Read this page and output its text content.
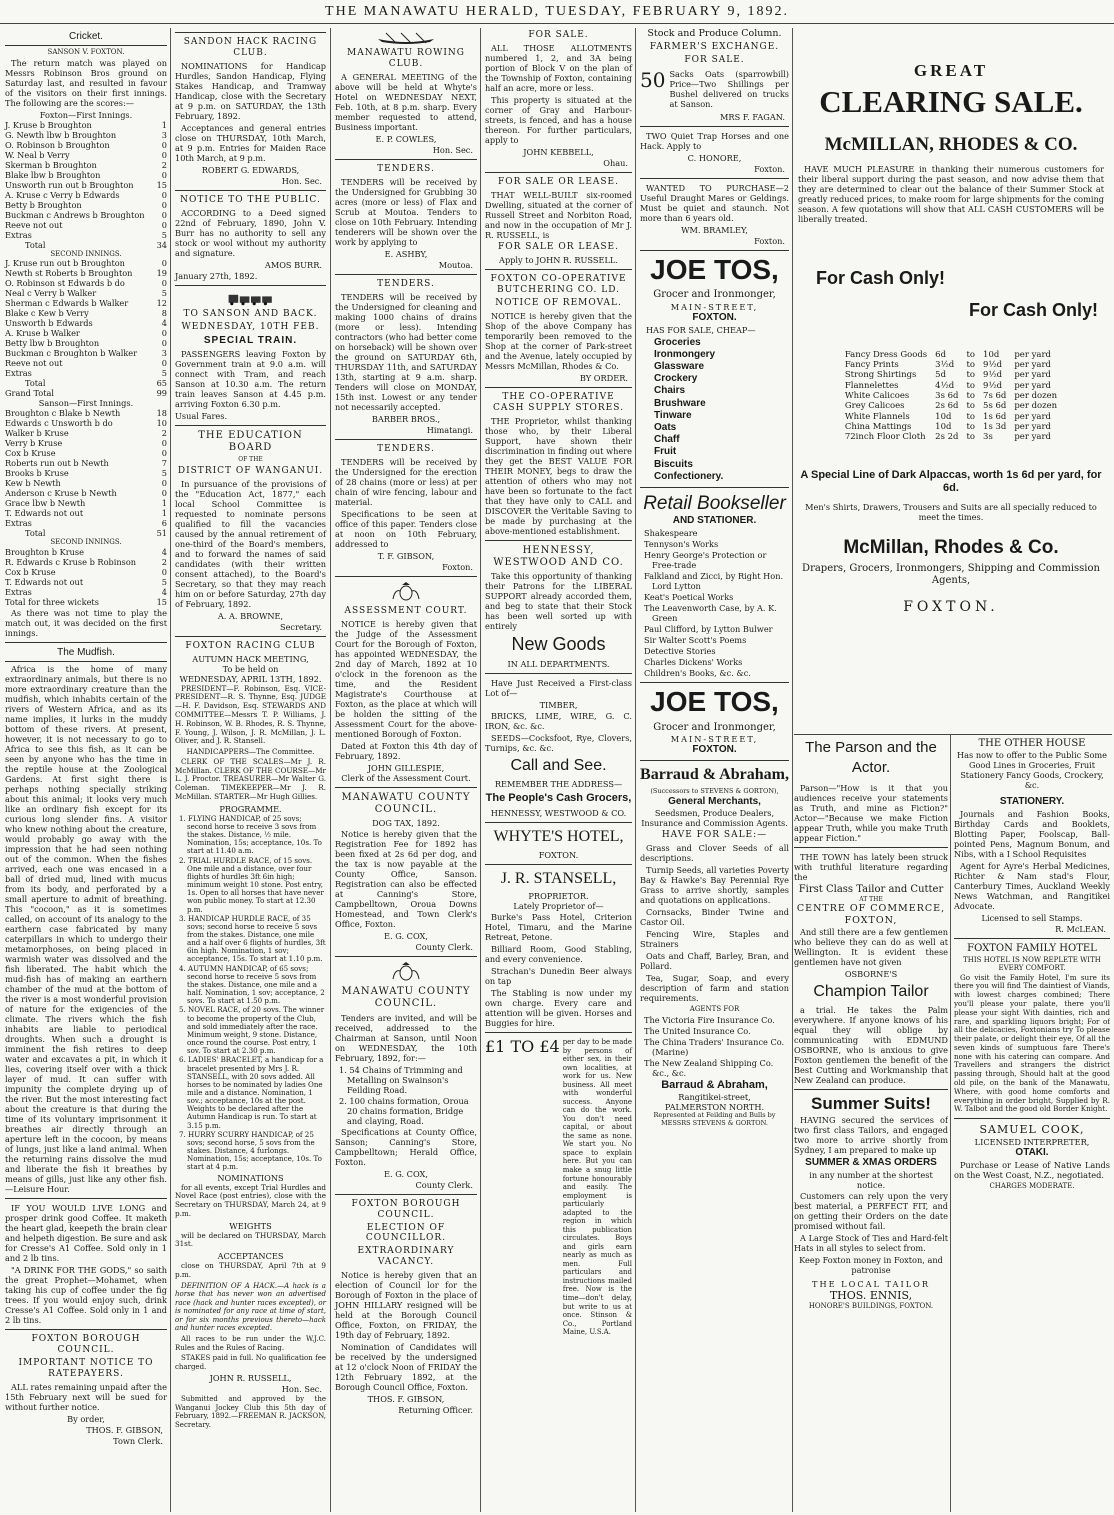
THE MANAWATU HERALD, TUESDAY, FEBRUARY 9, 1892.
Cricket.
SANSON V. FOXTON.
The return match was played on Messrs Robinson Bros ground on Saturday last, and resulted in favour of the visitors on their first innings. The following are the scores:—
Foxton—First Innings.
J. Kruse b Broughton	1
G. Newth lbw b Broughton	3
O. Robinson b Broughton	0
W. Neal b Verry	0
Skerman b Broughton	2
Blake lbw b Broughton	0
Unsworth run out b Broughton	15
A. Kruse c Verry b Edwards	0
Betty b Broughton	0
Buckman c Andrews b Broughton 0
Reeve not out	0
Extras	5
Total	34
SECOND INNINGS.
J. Kruse run out b Broughton	0
Newth st Roberts b Broughton	19
O. Robinson st Edwards b do	0
Neal c Verry b Walker	5
Sherman c Edwards b Walker	12
Blake c Kew b Verry	8
Unsworth b Edwards	4
A. Kruse b Walker	0
Betty lbw b Broughton	0
Buckman c Broughton b Walker	3
Reeve not out	0
Extras	5
Total	65
Grand Total	99
Sanson—First Innings.
Broughton c Blake b Newth	18
Edwards c Unsworth b do	10
Walker b Kruse	2
Verry b Kruse	0
Cox b Kruse	0
Roberts run out b Newth	7
Brooks b Kruse	5
Kew b Newth	0
Anderson c Kruse b Newth	0
Grace lbw b Newth	1
T. Edwards not out	1
Extras	6
Total	51
SECOND INNINGS.
Broughton b Kruse	4
R. Edwards c Kruse b Robinson	2
Cox b Kruse	0
T. Edwards not out	5
Extras	4
Total for three wickets	15
As there was not time to play the match out, it was decided on the first innings.
The Mudfish.
Africa is the home of many extraordinary animals, but there is no more extraordinary creature than the mudfish, which inhabits certain of the rivers of Western Africa, and as its name implies, it lurks in the muddy bottom of these rivers. At present, however, it is not necessary to go to Africa to see this fish, as it can be seen by anyone who has the time in the reptile house at the Zoological Gardens. At first sight there is perhaps nothing specially striking about this animal; it looks very much like an ordinary fish except for its curious long slender fins. A visitor who knew nothing about the creature, would probably go away with the impression that he had seen nothing out of the common. When the fishes arrived, each one was encased in a ball of dried mud, lined with mucus from its body, and perforated by a small aperture to admit of breathing. This "cocoon," as it is sometimes called, on account of its analogy to the earthern case fabricated by many caterpillars in which to undergo their metamorphoses, on being placed in warmish water was dissolved and the fish liberated. The habit which the mud-fish has of making an earthern chamber of the mud at the bottom of the river is a most wonderful provision of nature for the exigencies of the climate. The rivers which the fish inhabits are liable to periodical droughts. When such a drought is imminent the fish retires to deep water and excavates a pit, in which it lies, covering itself over with a thick layer of mud. It can suffer with impunity the complete drying up of the river. But the most interesting fact about the creature is that during the time of its voluntary imprisonment it breathes air directly through an aperture left in the cocoon, by means of lungs, just like a land animal. When the returning rains dissolve the mud and liberate the fish it breathes by means of gills, just like any other fish.—Leisure Hour.
IF YOU WOULD LIVE LONG and prosper drink good Coffee. It maketh the heart glad, keepeth the brain clear and helpeth digestion. Be sure and ask for Cresse's A1 Coffee. Sold only in 1 and 2 lb tins.
"A DRINK FOR THE GODS," so saith the great Prophet—Mohamet, when taking his cup of coffee under the fig trees. If you would enjoy such, drink Cresse's A1 Coffee. Sold only in 1 and 2 lb tins.
FOXTON BOROUGH COUNCIL.
IMPORTANT NOTICE TO RATEPAYERS.
ALL rates remaining unpaid after the 15th February next will be sued for without further notice.
By order,
THOS. F. GIBSON,
Town Clerk.
SANDON HACK RACING CLUB.
NOMINATIONS for Handicap Hurdles, Sandon Handicap, Flying Stakes Handicap, and Tramway Handicap, close with the Secretary at 9 p.m. on SATURDAY, the 13th February, 1892.
Acceptances and general entries close on THURSDAY, 10th March, at 9 p.m. Entries for Maiden Race 10th March, at 9 p.m.
ROBERT G. EDWARDS,
Hon. Sec.
NOTICE TO THE PUBLIC.
ACCORDING to a Deed signed 22nd of February, 1890, John V. Burr has no authority to sell any stock or wool without my authority and signature.
AMOS BURR.
January 27th, 1892.
TO SANSON AND BACK.
WEDNESDAY, 10TH FEB.
SPECIAL TRAIN.
PASSENGERS leaving Foxton by Government train at 9.0 a.m. will connect with Tram, and reach Sanson at 10.30 a.m. The return train leaves Sanson at 4.45 p.m. arriving Foxton 6.30 p.m.
Usual Fares.
THE EDUCATION BOARD
OF THE
DISTRICT OF WANGANUI.
In pursuance of the provisions of the "Education Act, 1877," each local School Committee is requested to nominate persons qualified to fill the vacancies caused by the annual retirement of one-third of the Board's members, and to forward the names of said candidates (with their written consent attached), to the Board's Secretary, so that they may reach him on or before Saturday, 27th day of February, 1892.
A. A. BROWNE,
Secretary.
FOXTON RACING CLUB
AUTUMN HACK MEETING,
To be held on
WEDNESDAY, APRIL 13TH, 1892.
PRESIDENT—F. Robinson, Esq. VICE-PRESIDENT—R. S. Thynne, Esq. JUDGE—H. F. Davidson, Esq. STEWARDS AND COMMITTEE—Messrs T. P. Williams, J. H. Robinson, W. B. Rhodes, R. S. Thynne, F. Young, J. Wilson, J. R. McMillan, J. L. Oliver, and J. R. Stansell.
HANDICAPPERS—The Committee.
CLERK OF THE SCALES—Mr J. R. McMillan. CLERK OF THE COURSE—Mr L. J. Proctor. TREASURER—Mr Walter G. Coleman. TIMEKEEPER—Mr J. R. McMillan. STARTER—Mr Hugh Gillies.
PROGRAMME.
1. FLYING HANDICAP, of 25 sovs; second horse to receive 3 sovs from the stakes. Distance, ½ mile. Nomination, 15s; acceptance, 10s. To start at 11.40 a.m.
2. TRIAL HURDLE RACE, of 15 sovs. One mile and a distance, over four flights of hurdles 3ft 6in high; minimum weight 10 stone. Post entry, 1s. Open to all horses that have never won public money. To start at 12.30 p.m.
3. HANDICAP HURDLE RACE, of 35 sovs; second horse to receive 5 sovs from the stakes. Distance, one mile and a half over 6 flights of hurdles, 3ft 6in high. Nomination, 1 sov; acceptance, 15s. To start at 1.10 p.m.
4. AUTUMN HANDICAP, of 65 sovs; second horse to receive 5 sovs from the stakes. Distance, one mile and a half. Nomination, 1 sov; acceptance, 2 sovs. To start at 1.50 p.m.
5. NOVEL RACE, of 20 sovs. The winner to become the property of the Club, and sold immediately after the race. Minimum weight, 9 stone. Distance, once round the course. Post entry, 1 sov. To start at 2.30 p.m.
6. LADIES' BRACELET, a handicap for a bracelet presented by Mrs J. R. STANSELL, with 20 sovs added. All horses to be nominated by ladies One mile and a distance. Nomination, 1 sov.; acceptance, 10s at the post. Weights to be declared after the Autumn Handicap is run. To start at 3.15 p.m.
7. HURRY SCURRY HANDICAP, of 25 sovs; second horse, 5 sovs from the stakes. Distance, 4 furlongs. Nomination, 15s; acceptance, 10s. To start at 4 p.m.
NOMINATIONS
for all events, except Trial Hurdles and Novel Race (post entries), close with the Secretary on THURSDAY, March 24, at 9 p.m.
WEIGHTS
will be declared on THURSDAY, March 31st.
ACCEPTANCES
close on THURSDAY, April 7th at 9 p.m.
DEFINITION OF A HACK.—A hack is a horse that has never won an advertised race (hack and hunter races excepted), or is nominated for any race at time of start, or for six months previous thereto—hack and hunter races excepted.
All races to be run under the W.J.C. Rules and the Rules of Racing.
STAKES paid in full. No qualification fee charged.
JOHN R. RUSSELL,
Hon. Sec.
Submitted and approved by the Wanganui Jockey Club this 5th day of February, 1892.—FREEMAN R. JACKSON, Secretary.
MANAWATU ROWING CLUB.
A GENERAL MEETING of the above will be held at Whyte's Hotel on WEDNESDAY NEXT, Feb. 10th, at 8 p.m. sharp. Every member requested to attend, Business important.
E. P. COWLES,
Hon. Sec.
TENDERS.
TENDERS will be received by the Undersigned for Grubbing 30 acres (more or less) of Flax and Scrub at Moutoa. Tenders to close on 10th February. Intending tenderers will be shown over the work by applying to
E. ASHBY,
Moutoa.
TENDERS.
TENDERS will be received by the Undersigned for cleaning and making 1000 chains of drains (more or less). Intending contractors (who had better come on horseback) will be shown over the ground on SATURDAY 6th, THURSDAY 11th, and SATURDAY 13th, starting at 9 a.m. sharp. Tenders will close on MONDAY, 15th inst. Lowest or any tender not necessarily accepted.
BARBER BROS.,
Himatangi.
TENDERS.
TENDERS will be received by the Undersigned for the erection of 28 chains (more or less) at per chain of wire fencing, labour and material.
Specifications to be seen at office of this paper. Tenders close at noon on 10th February, addressed to
T. F. GIBSON,
Foxton.
ASSESSMENT COURT.
NOTICE is hereby given that the Judge of the Assessment Court for the Borough of Foxton, has appointed WEDNESDAY, the 2nd day of March, 1892 at 10 o'clock in the forenoon as the time, and the Resident Magistrate's Courthouse at Foxton, as the place at which will be holden the sitting of the Assessment Court for the above-mentioned Borough of Foxton.
Dated at Foxton this 4th day of February, 1892.
JOHN GILLESPIE,
Clerk of the Assessment Court.
MANAWATU COUNTY COUNCIL.
DOG TAX, 1892.
Notice is hereby given that the Registration Fee for 1892 has been fixed at 2s 6d per dog, and the tax is now payable at the County Office, Sanson. Registration can also be effected at Canning's Store, Campbelltown, Oroua Downs Homestead, and Town Clerk's Office, Foxton.
E. G. COX,
County Clerk.
MANAWATU COUNTY COUNCIL.
Tenders are invited, and will be received, addressed to the Chairman at Sanson, until Noon on WEDNESDAY, the 10th February, 1892, for:—
1. 54 Chains of Trimming and Metalling on Swainson's Feilding Road.
2. 100 chains formation, Oroua 20 chains formation, Bridge and claying, Road.
Specifications at County Office, Sanson; Canning's Store, Campbelltown; Herald Office, Foxton.
E. G. COX,
County Clerk.
FOXTON BOROUGH COUNCIL.
ELECTION OF COUNCILLOR.
EXTRAORDINARY VACANCY.
Notice is hereby given that an election of Council lor for the Borough of Foxton in the place of JOHN HILLARY resigned will be held at the Borough Council Office, Foxton, on FRIDAY, the 19th day of February, 1892.
Nomination of Candidates will be received by the undersigned at 12 o'clock Noon of FRIDAY the 12th February 1892, at the Borough Council Office, Foxton.
THOS. F. GIBSON,
Returning Officer.
FOR SALE.
ALL THOSE ALLOTMENTS numbered 1, 2, and 3A being portion of Block V on the plan of the Township of Foxton, containing half an acre, more or less.
This property is situated at the corner of Gray and Harbour-streets, is fenced, and has a house thereon. For further particulars, apply to
JOHN KEBBELL,
Ohau.
FOR SALE OR LEASE.
THAT WELL-BUILT six-roomed Dwelling, situated at the corner of Russell Street and Norbiton Road, and now in the occupation of Mr J. R. RUSSELL, is
FOR SALE OR LEASE.
Apply to JOHN R. RUSSELL.
FOXTON CO-OPERATIVE BUTCHERING CO. LD.
NOTICE OF REMOVAL.
NOTICE is hereby given that the Shop of the above Company has temporarily been removed to the Shop at the corner of Park-street and the Avenue, lately occupied by Messrs McMillan, Rhodes & Co.
BY ORDER.
THE CO-OPERATIVE CASH SUPPLY STORES.
THE Proprietor, whilst thanking those who, by their Liberal Support, have shown their discrimination in finding out where they get the BEST VALUE FOR THEIR MONEY, begs to draw the attention of others who may not have been so fortunate to the fact that they have only to CALL and DISCOVER the Veritable Saving to be made by purchasing at the above-mentioned establishment.
HENNESSY, WESTWOOD AND CO.
Take this opportunity of thanking their Patrons for the LIBERAL SUPPORT already accorded them, and beg to state that their Stock has been well sorted up with entirely
New Goods
IN ALL DEPARTMENTS.
Have Just Received a First-class Lot of—
TIMBER,
BRICKS, LIME, WIRE, G. C. IRON, &c. &c.
SEEDS—Cocksfoot, Rye, Clovers, Turnips, &c. &c.
Call and See.
REMEMBER THE ADDRESS—
The People's Cash Grocers,
HENNESSY, WESTWOOD & CO.
WHYTE'S HOTEL,
FOXTON.
J. R. STANSELL,
PROPRIETOR.
Lately Proprietor of—
Burke's Pass Hotel, Criterion Hotel, Timaru, and the Marine Retreat, Petone.
Billiard Room, Good Stabling, and every convenience.
Strachan's Dunedin Beer always on tap
The Stabling is now under my own charge. Every care and attention will be given. Horses and Buggies for hire.
£1 TO £4 per day to be made by persons of either sex, in their own localities, at work for us. New business. All meet with wonderful success. Anyone can do the work. You don't need capital, or about the same as none. We start you. No space to explain here. But you can make a snug little fortune honourably and easily. The employment is particularly adapted to the region in which this publication circulates. Boys and girls earn nearly as much as men. Full particulars and instructions mailed free. Now is the time—don't delay, but write to us at once. Stinson & Co., Portland Maine, U.S.A.
Stock and Produce Column.
FARMER'S EXCHANGE.
FOR SALE.
50 Sacks Oats (sparrowbill) Price—Two Shillings per Bushel delivered on trucks at Sanson.
MRS F. FAGAN.
TWO Quiet Trap Horses and one Hack. Apply to
C. HONORE,
Foxton.
WANTED TO PURCHASE—2 Useful Draught Mares or Geldings. Must be quiet and staunch. Not more than 6 years old.
WM. BRAMLEY,
Foxton.
JOE TOS,
Grocer and Ironmonger,
MAIN-STREET,
FOXTON.
HAS FOR SALE, CHEAP—
Groceries
Ironmongery
Glassware
Crockery
Chairs
Brushware
Tinware
Oats
Chaff
Fruit
Biscuits
Confectionery.
Retail Bookseller
AND STATIONER.
Shakespeare
Tennyson's Works
Henry George's Protection or Free-trade
Falkland and Zicci, by Right Hon. Lord Lytton
Keat's Poetical Works
The Leavenworth Case, by A. K. Green
Paul Clifford, by Lytton Bulwer
Sir Walter Scott's Poems
Detective Stories
Charles Dickens' Works
Children's Books, &c. &c.
JOE TOS,
Grocer and Ironmonger,
MAIN-STREET,
FOXTON.
Barraud & Abraham,
(Successors to STEVENS & GORTON),
General Merchants,
Seedsmen, Produce Dealers,
Insurance and Commission Agents.
HAVE FOR SALE:—
Grass and Clover Seeds of all descriptions.
Turnip Seeds, all varieties Poverty Bay & Hawke's Bay Perennial Rye Grass to arrive shortly, samples and quotations on applications.
Cornsacks, Binder Twine and Castor Oil.
Fencing Wire, Staples and Strainers
Oats and Chaff, Barley, Bran, and Pollard.
Tea, Sugar, Soap, and every description of farm and station requirements.
AGENTS FOR
The Victoria Fire Insurance Co.
The United Insurance Co.
The China Traders' Insurance Co. (Marine)
The New Zealand Shipping Co. &c., &c.
Barraud & Abraham,
Rangitikei-street,
PALMERSTON NORTH.
Represented at Feilding and Bulls by MESSRS STEVENS & GORTON.
GREAT
CLEARING SALE.
McMILLAN, RHODES & CO.
HAVE MUCH PLEASURE in thanking their numerous customers for their liberal support during the past season, and now advise them that they are determined to clear out the balance of their Summer Stock at greatly reduced prices, to make room for large shipments for the coming season. A few quotations will show that ALL CASH CUSTOMERS will be liberally treated.
For Cash Only!
For Cash Only!
Fancy Dress Goods	6d	to	10d	per yard
Fancy Prints	3½d	to	9½d	per yard
Strong Shirtings	5d	to	9½d	per yard
Flannelettes	4½d	to	9½d	per yard
White Calicoes	3s 6d	to	7s 6d	per dozen
Grey Calicoes	2s 6d	to	5s 6d	per dozen
White Flannels	10d	to	1s 6d	per yard
China Mattings	10d	to	1s 3d	per yard
72inch Floor Cloth	2s 2d	to	3s	per yard
A Special Line of Dark Alpaccas, worth 1s 6d per yard, for 6d.
Men's Shirts, Drawers, Trousers and Suits are all specially reduced to meet the times.
McMillan, Rhodes & Co.
Drapers, Grocers, Ironmongers, Shipping and Commission Agents,
FOXTON.
The Parson and the Actor.
Parson—"How is it that you audiences receive your statements as Truth, and mine as Fiction?" Actor—"Because we make Fiction appear Truth, while you make Truth appear Fiction."
THE TOWN has lately been struck with truthful literature regarding the
First Class Tailor and Cutter
AT THE
CENTRE OF COMMERCE, FOXTON,
And still there are a few gentlemen who believe they can do as well at Wellington. It is evident these gentlemen have not given
OSBORNE'S
Champion Tailor
a trial. He takes the Palm everywhere. If anyone knows of his equal they will oblige by communicating with EDMUND OSBORNE, who is anxious to give Foxton gentlemen the benefit of the Best Cutting and Workmanship that New Zealand can produce.
Summer Suits!
HAVING secured the services of two first class Tailors, and engaged two more to arrive shortly from Sydney, I am prepared to make up
SUMMER & XMAS ORDERS
in any number at the shortest notice.
Customers can rely upon the very best material, a PERFECT FIT, and on getting their Orders on the date promised without fail.
A Large Stock of Ties and Hard-felt Hats in all styles to select from.
Keep Foxton money in Foxton, and patronise
THE LOCAL TAILOR
THOS. ENNIS,
HONORE'S BUILDINGS, FOXTON.
THE OTHER HOUSE
Has now to offer to the Public Some Good Lines in Groceries, Fruit Stationery Fancy Goods, Crockery, &c.
STATIONERY.
Journals and Fashion Books, Birthday Cards and Booklets, Blotting Paper, Foolscap, Ball-pointed Pens, Magnum Bonum, and Nibs, with a I School Requisites
Agent for Ayre's Herbal Medicines, Richter & Nam stad's Flour, Canterbury Times, Auckland Weekly News Watchman, and Rangitikei Advocate.
Licensed to sell Stamps.
R. McLEAN.
FOXTON FAMILY HOTEL
THIS HOTEL IS NOW REPLETE WITH EVERY COMFORT.
Go visit the Family Hotel, I'm sure its there you will find The daintiest of Viands, with lowest charges combined; There you'll please your palate, there you'll please your sight With dainties, rich and rare, and sparkling liquors bright; For of all the delicacies, Foxtonians try To please their palate, or delight their eye, Of all the seven kinds of sumptuous fare There's none with his catering can compare. And Travellers and strangers the district passing through, Should halt at the good old pile, on the bank of the Manawatu, Where, with good home comforts and everything in order bright, Supplied by R. W. Talbot and the good old Border Knight.
SAMUEL COOK,
LICENSED INTERPRETER,
OTAKI.
Purchase or Lease of Native Lands on the West Coast, N.Z., negotiated.
CHARGES MODERATE.
